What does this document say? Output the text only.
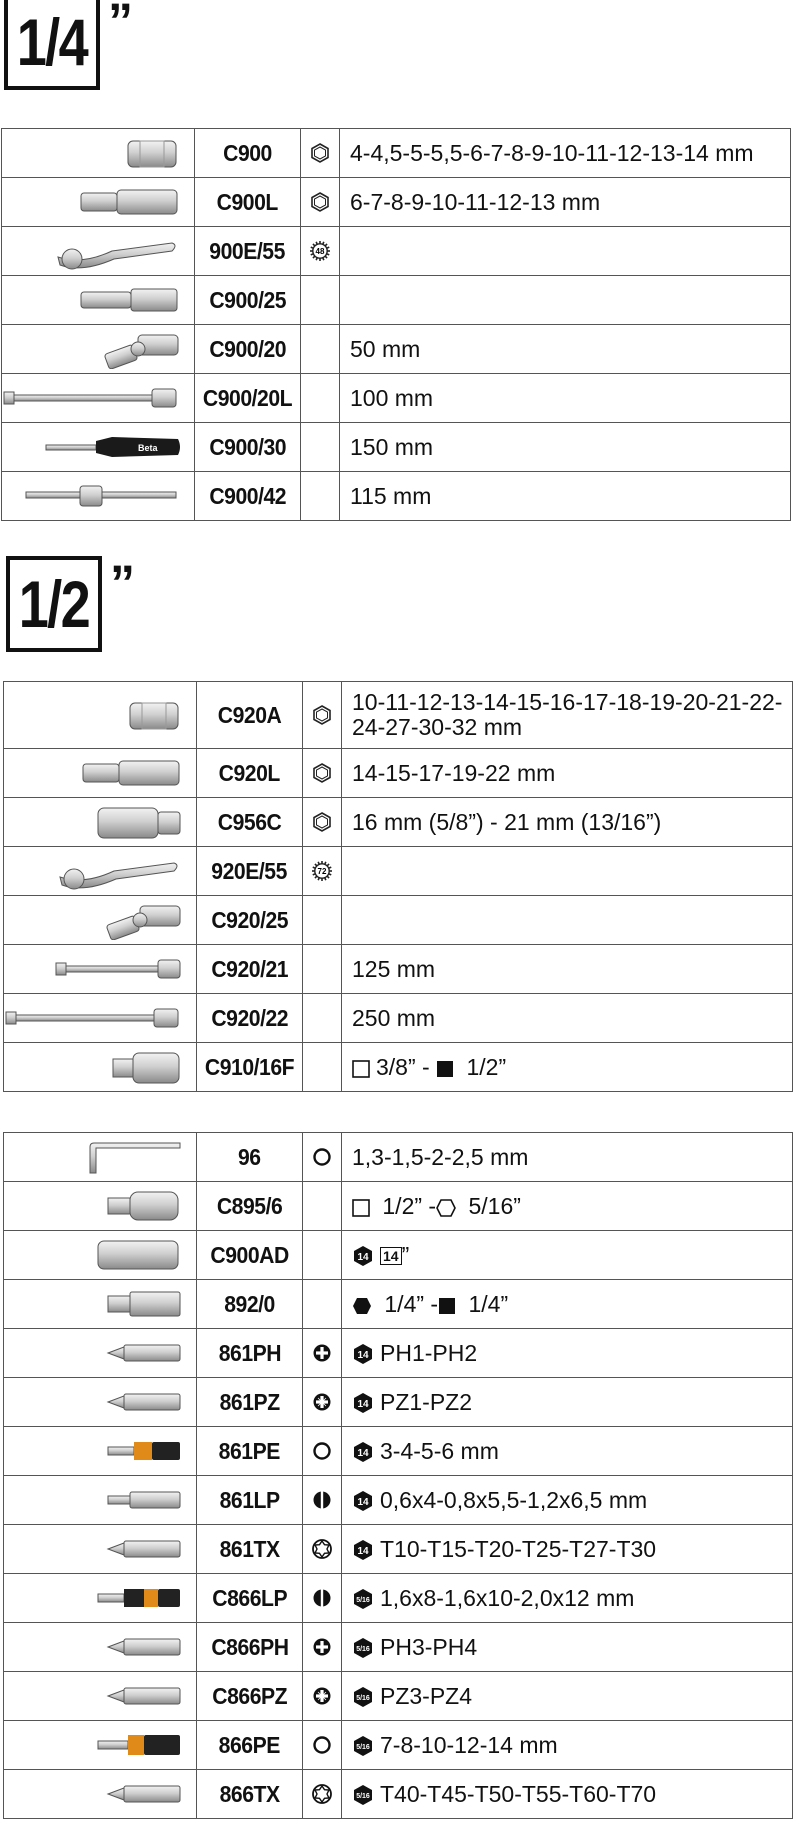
1/4 ”
1/2 ”
	C900		4-4,5-5-5,5-6-7-8-9-10-11-12-13-14 mm

	C900L		6-7-8-9-10-11-12-13 mm

	900E/55	48	

	C900/25		

	C900/20		50 mm

	C900/20L		100 mm

Beta	C900/30		150 mm

	C900/42		115 mm
	C920A		10-11-12-13-14-15-16-17-18-19-20-21-22-24-27-30-32 mm

	C920L		14-15-17-19-22 mm

	C956C		16 mm (5/8”) - 21 mm (13/16”)

	920E/55	72	

	C920/25		

	C920/21		125 mm

	C920/22		250 mm

	C910/16F		3/8” -  1/2”
	96		1,3-1,5-2-2,5 mm

	C895/6		1/2” - 5/16”

	C900AD		14 14 ”

	892/0		1/4” - 1/4”

	861PH		14 PH1-PH2

	861PZ		14 PZ1-PZ2

	861PE		14 3-4-5-6 mm

	861LP		14 0,6x4-0,8x5,5-1,2x6,5 mm

	861TX		14 T10-T15-T20-T25-T27-T30

	C866LP		5/16 1,6x8-1,6x10-2,0x12 mm

	C866PH		5/16 PH3-PH4

	C866PZ		5/16 PZ3-PZ4

	866PE		5/16 7-8-10-12-14 mm

	866TX		5/16 T40-T45-T50-T55-T60-T70
